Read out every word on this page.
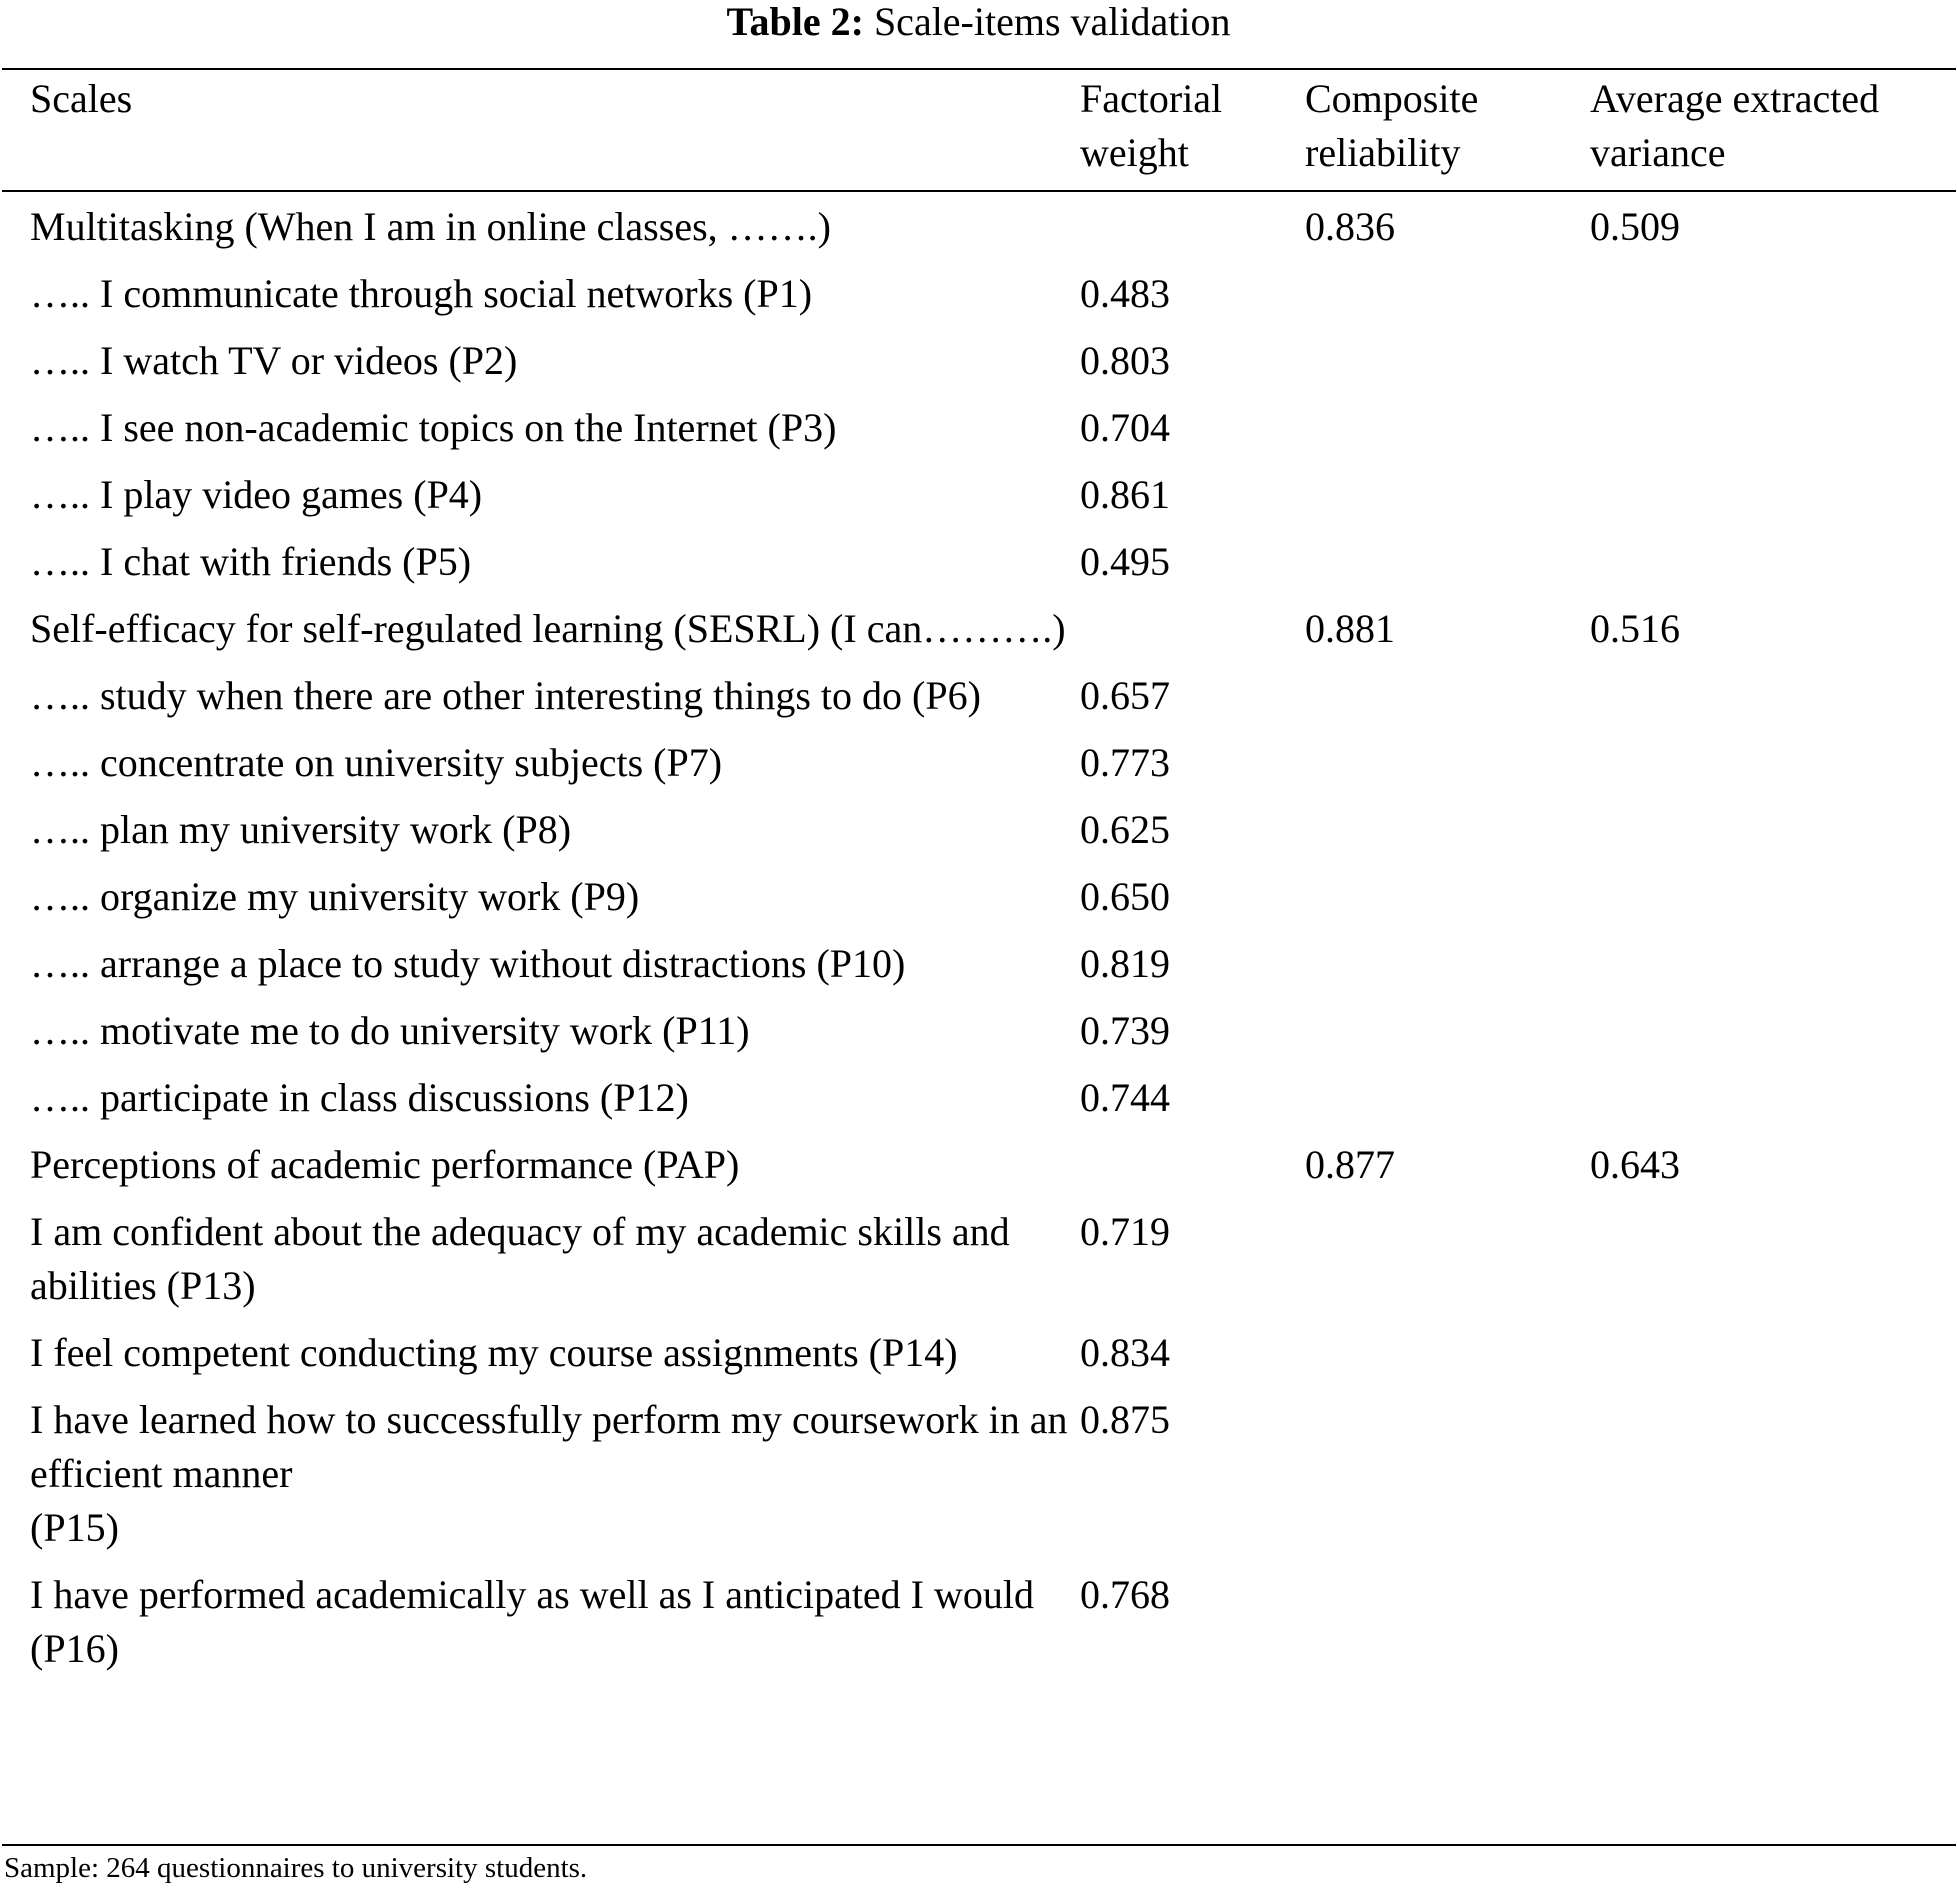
Table 2: Scale-items validation
Scales	Factorial weight	Composite reliability	Average extracted variance
Multitasking (When I am in online classes, …….)		0.836	0.509
….. I communicate through social networks (P1)	0.483		
….. I watch TV or videos (P2)	0.803		
….. I see non-academic topics on the Internet (P3)	0.704		
….. I play video games (P4)	0.861		
….. I chat with friends (P5)	0.495		
Self-efficacy for self-regulated learning (SESRL) (I can……….)		0.881	0.516
….. study when there are other interesting things to do (P6)	0.657		
….. concentrate on university subjects (P7)	0.773		
….. plan my university work (P8)	0.625		
….. organize my university work (P9)	0.650		
….. arrange a place to study without distractions (P10)	0.819		
….. motivate me to do university work (P11)	0.739		
….. participate in class discussions (P12)	0.744		
Perceptions of academic performance (PAP)		0.877	0.643
I am confident about the adequacy of my academic skills and abilities (P13)	0.719		
I feel competent conducting my course assignments (P14)	0.834		
I have learned how to successfully perform my coursework in an efficient manner
(P15)	0.875		
I have performed academically as well as I anticipated I would (P16)	0.768		
Sample: 264 questionnaires to university students.
